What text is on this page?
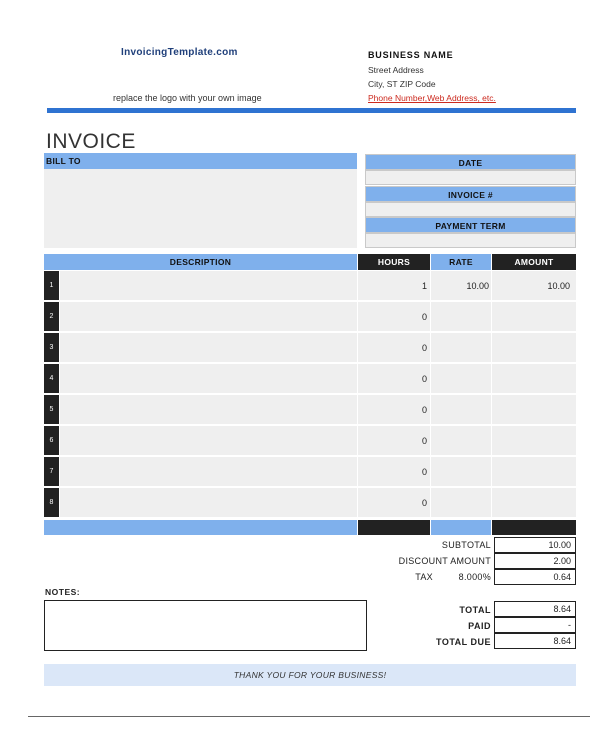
InvoicingTemplate.com
replace the logo with your own image
BUSINESS NAME
Street Address
City, ST ZIP Code
Phone Number,Web Address, etc.
INVOICE
BILL TO	DATE
INVOICE #
PAYMENT TERM
DESCRIPTION	HOURS	RATE	AMOUNT
1	1	10.00	10.00
2	0
3	0
4	0
5	0
6	0
7	0
8	0
SUBTOTAL	10.00
DISCOUNT AMOUNT	2.00
TAX	8.000%	0.64
TOTAL	8.64
PAID	-
TOTAL DUE	8.64
NOTES:
THANK YOU FOR YOUR BUSINESS!
